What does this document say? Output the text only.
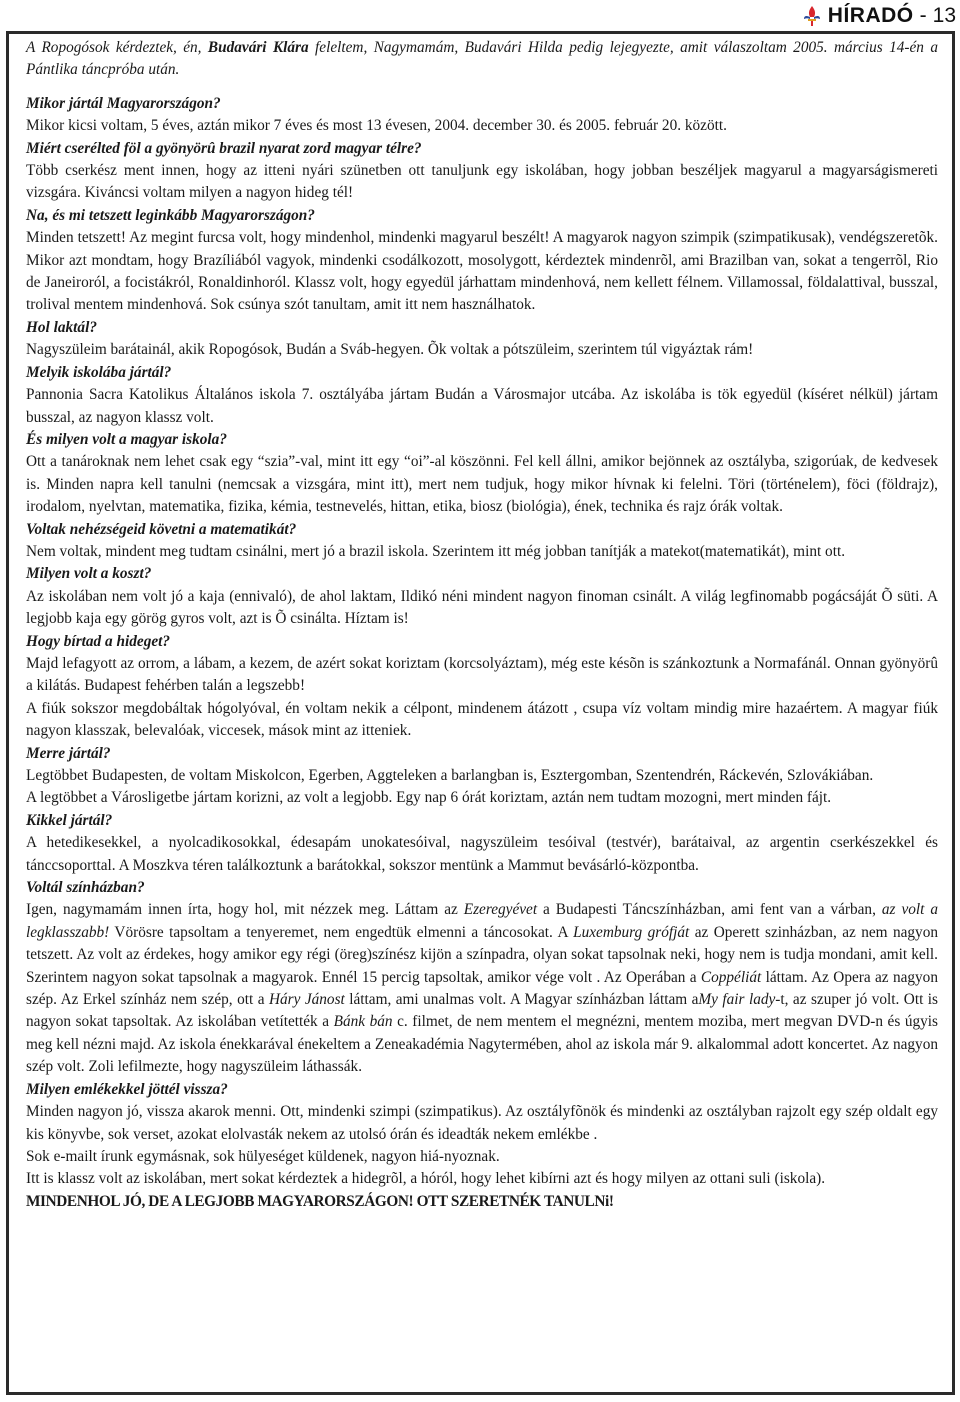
HÍRADÓ - 13

A Ropogósok kérdeztek, én, Budavári Klára feleltem, Nagymamám, Budavári Hilda pedig lejegyezte, amit válaszoltam 2005. március 14-én a Pántlika táncpróba után.

Mikor jártál Magyarországon?

Mikor kicsi voltam, 5 éves, aztán mikor 7 éves és most 13 évesen, 2004. december 30. és 2005. február 20. között.

Miért cserélted föl a gyönyörû brazil nyarat zord magyar télre?

Több cserkész ment innen, hogy az itteni nyári szünetben ott tanuljunk egy iskolában, hogy jobban beszéljek magyarul a magyarságismereti vizsgára. Kiváncsi voltam milyen a nagyon hideg tél!

Na, és mi tetszett leginkább Magyarországon?

Minden tetszett! Az megint furcsa volt, hogy mindenhol, mindenki magyarul beszélt! A magyarok nagyon szimpik (szimpatikusak), vendégszeretõk. Mikor azt mondtam, hogy Brazíliából vagyok, mindenki csodálkozott, mosolygott, kérdeztek mindenrõl, ami Brazilban van, sokat a tengerrõl, Rio de Janeiroról, a focistákról, Ronaldinhoról. Klassz volt, hogy egyedül járhattam mindenhová, nem kellett félnem. Villamossal, földalattival, busszal, trolival mentem mindenhová. Sok csúnya szót tanultam, amit itt nem használhatok.

Hol laktál?

Nagyszüleim barátainál, akik Ropogósok, Budán a Sváb-hegyen. Õk voltak a pótszüleim, szerintem túl vigyáztak rám!

Melyik iskolába jártál?

Pannonia Sacra Katolikus Általános iskola 7. osztályába jártam Budán a Városmajor utcába. Az iskolába is tök egyedül (kíséret nélkül) jártam busszal, az nagyon klassz volt.

És milyen volt a magyar iskola?

Ott a tanároknak nem lehet csak egy “szia”-val, mint itt egy “oi”-al köszönni. Fel kell állni, amikor bejönnek az osztályba, szigorúak, de kedvesek is. Minden napra kell tanulni (nemcsak a vizsgára, mint itt), mert nem tudjuk, hogy mikor hívnak ki felelni. Töri (történelem), föci (földrajz), irodalom, nyelvtan, matematika, fizika, kémia, testnevelés, hittan, etika, biosz (biológia), ének, technika és rajz órák voltak.

Voltak nehézségeid követni a matematikát?

Nem voltak, mindent meg tudtam csinálni, mert jó a brazil iskola. Szerintem itt még jobban tanítják a matekot(matematikát), mint ott.

Milyen volt a koszt?

Az iskolában nem volt jó a kaja (ennivaló), de ahol laktam, Ildikó néni mindent nagyon finoman csinált. A világ legfinomabb pogácsáját Õ süti. A legjobb kaja egy görög gyros volt, azt is Õ csinálta. Híztam is!

Hogy bírtad a hideget?

Majd lefagyott az orrom, a lábam, a kezem, de azért sokat koriztam (korcsolyáztam), még este késõn is szánkoztunk a Normafánál. Onnan gyönyörû a kilátás. Budapest fehérben talán a legszebb!

A fiúk sokszor megdobáltak hógolyóval, én voltam nekik a célpont, mindenem átázott , csupa víz voltam mindig mire hazaértem. A magyar fiúk nagyon klasszak, belevalóak, viccesek, mások mint az itteniek.

Merre jártál?

Legtöbbet Budapesten, de voltam Miskolcon, Egerben, Aggteleken a barlangban is, Esztergomban, Szentendrén, Ráckevén, Szlovákiában.

A legtöbbet a Városligetbe jártam korizni, az volt a legjobb. Egy nap 6 órát koriztam, aztán nem tudtam mozogni, mert minden fájt.

Kikkel jártál?

A hetedikesekkel, a nyolcadikosokkal, édesapám unokatesóival, nagyszüleim tesóival (testvér), barátaival, az argentin cserkészekkel és tánccsoporttal. A Moszkva téren találkoztunk a barátokkal, sokszor mentünk a Mammut bevásárló-központba.

Voltál színházban?

Igen, nagymamám innen írta, hogy hol, mit nézzek meg. Láttam az Ezeregyévet a Budapesti Táncszínházban, ami fent van a várban, az volt a legklasszabb! Vörösre tapsoltam a tenyeremet, nem engedtük elmenni a táncosokat. A Luxemburg grófját az Operett szinházban, az nem nagyon tetszett. Az volt az érdekes, hogy amikor egy régi (öreg)színész kijön a színpadra, olyan sokat tapsolnak neki, hogy nem is tudja mondani, amit kell. Szerintem nagyon sokat tapsolnak a magyarok. Ennél 15 percig tapsoltak, amikor vége volt . Az Operában a Coppéliát láttam. Az Opera az nagyon szép. Az Erkel színház nem szép, ott a Háry Jánost láttam, ami unalmas volt. A Magyar színházban láttam aMy fair lady-t, az szuper jó volt. Ott is nagyon sokat tapsoltak. Az iskolában vetítették a Bánk bán c. filmet, de nem mentem el megnézni, mentem moziba, mert megvan DVD-n és úgyis meg kell nézni majd. Az iskola énekkarával énekeltem a Zeneakadémia Nagytermében, ahol az iskola már 9. alkalommal adott koncertet. Az nagyon szép volt. Zoli lefilmezte, hogy nagyszüleim láthassák.

Milyen emlékekkel jöttél vissza?

Minden nagyon jó, vissza akarok menni. Ott, mindenki szimpi (szimpatikus). Az osztályfõnök és mindenki az osztályban rajzolt egy szép oldalt egy kis könyvbe, sok verset, azokat elolvasták nekem az utolsó órán és ideadták nekem emlékbe .

Sok e-mailt írunk egymásnak, sok hülyeséget küldenek, nagyon hiá-nyoznak.

Itt is klassz volt az iskolában, mert sokat kérdeztek a hidegrõl, a hóról, hogy lehet kibírni azt és hogy milyen az ottani suli (iskola).

MINDENHOL JÓ, DE A LEGJOBB MAGYARORSZÁGON! OTT SZERETNÉK TANULNi!
